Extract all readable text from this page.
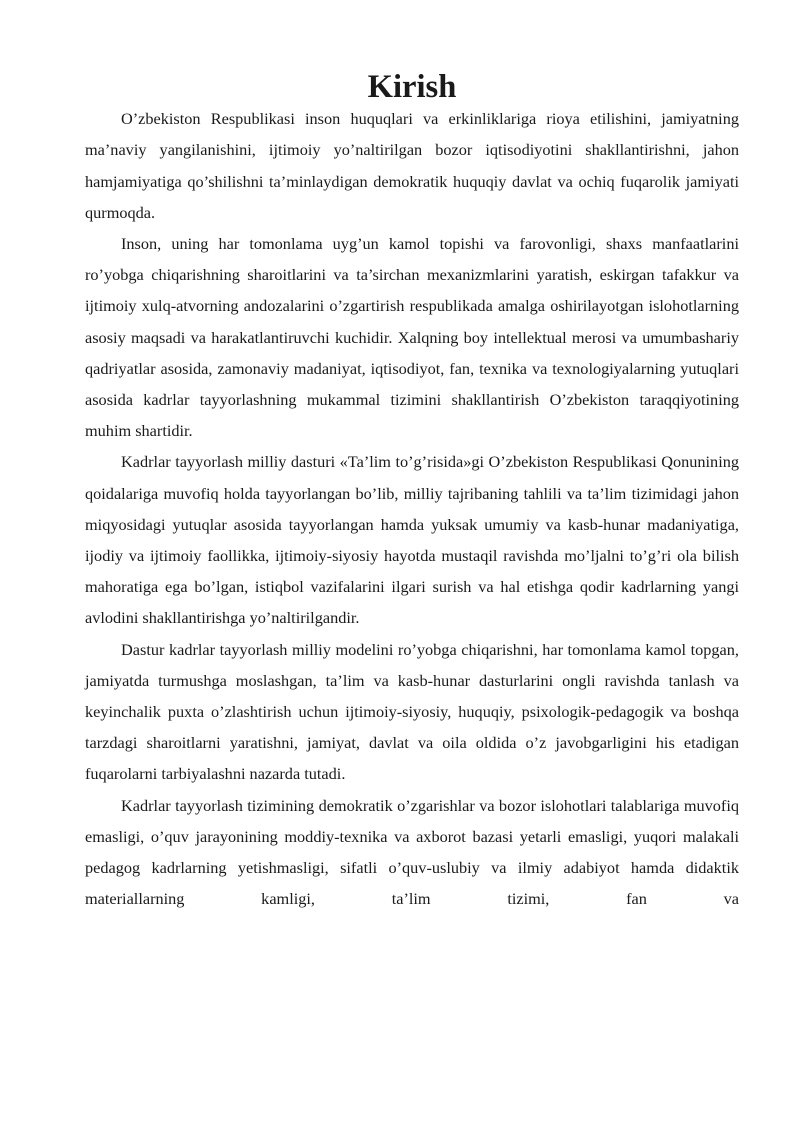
Kirish

O’zbekiston Respublikasi inson huquqlari va erkinliklariga rioya etilishini, jamiyatning ma’naviy yangilanishini, ijtimoiy yo’naltirilgan bozor iqtisodiyotini shakllantirishni, jahon hamjamiyatiga qo’shilishni ta’minlaydigan demokratik huquqiy davlat va ochiq fuqarolik jamiyati qurmoqda.

Inson, uning har tomonlama uyg’un kamol topishi va farovonligi, shaxs manfaatlarini ro’yobga chiqarishning sharoitlarini va ta’sirchan mexanizmlarini yaratish, eskirgan tafakkur va ijtimoiy xulq-atvorning andozalarini o’zgartirish respublikada amalga oshirilayotgan islohotlarning asosiy maqsadi va harakatlantiruvchi kuchidir. Xalqning boy intellektual merosi va umumbashariy qadriyatlar asosida, zamonaviy madaniyat, iqtisodiyot, fan, texnika va texnologiyalarning yutuqlari asosida kadrlar tayyorlashning mukammal tizimini shakllantirish O’zbekiston taraqqiyotining muhim shartidir.

Kadrlar tayyorlash milliy dasturi «Ta’lim to’g’risida»gi O’zbekiston Respublikasi Qonunining qoidalariga muvofiq holda tayyorlangan bo’lib, milliy tajribaning tahlili va ta’lim tizimidagi jahon miqyosidagi yutuqlar asosida tayyorlangan hamda yuksak umumiy va kasb-hunar madaniyatiga, ijodiy va ijtimoiy faollikka, ijtimoiy-siyosiy hayotda mustaqil ravishda mo’ljalni to’g’ri ola bilish mahoratiga ega bo’lgan, istiqbol vazifalarini ilgari surish va hal etishga qodir kadrlarning yangi avlodini shakllantirishga yo’naltirilgandir.

Dastur kadrlar tayyorlash milliy modelini ro’yobga chiqarishni, har tomonlama kamol topgan, jamiyatda turmushga moslashgan, ta’lim va kasb-hunar dasturlarini ongli ravishda tanlash va keyinchalik puxta o’zlashtirish uchun ijtimoiy-siyosiy, huquqiy, psixologik-pedagogik va boshqa tarzdagi sharoitlarni yaratishni, jamiyat, davlat va oila oldida o’z javobgarligini his etadigan fuqarolarni tarbiyalashni nazarda tutadi.

Kadrlar tayyorlash tizimining demokratik o’zgarishlar va bozor islohotlari talablariga muvofiq emasligi, o’quv jarayonining moddiy-texnika va axborot bazasi yetarli emasligi, yuqori malakali pedagog kadrlarning yetishmasligi, sifatli o’quv-uslubiy va ilmiy adabiyot hamda didaktik materiallarning kamligi, ta’lim tizimi, fan va
